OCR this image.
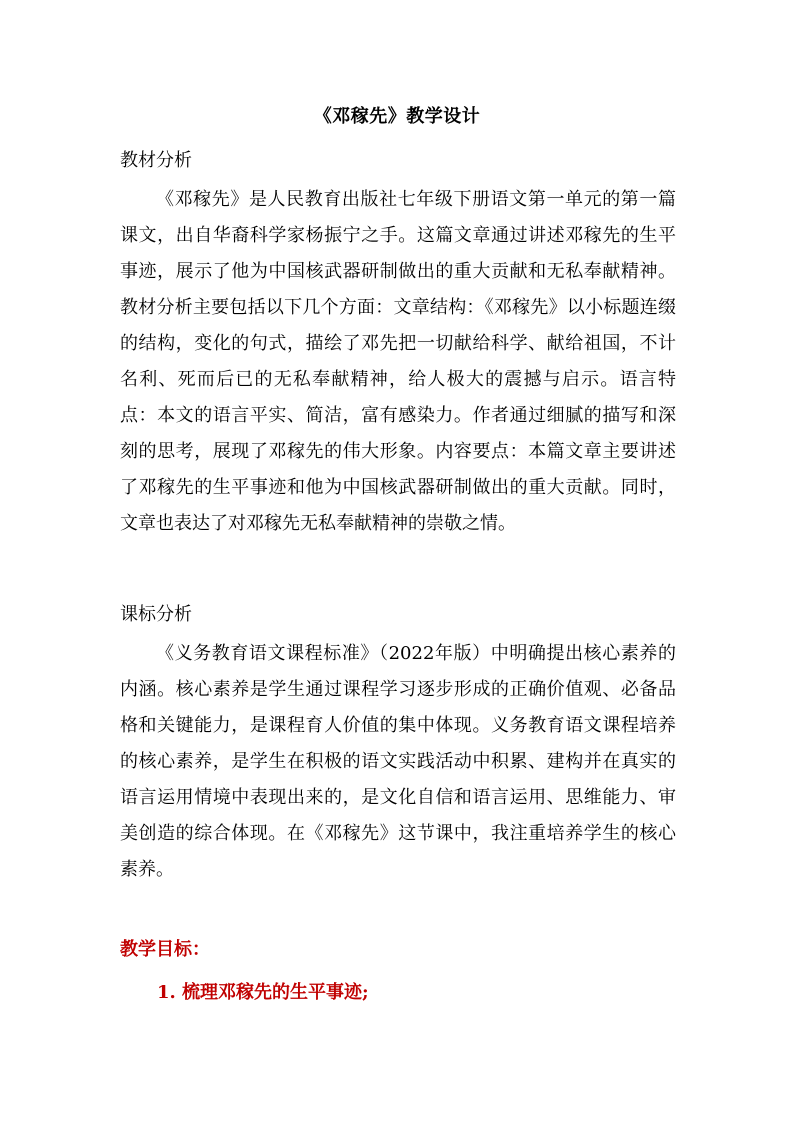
《邓稼先》教学设计
教材分析
《邓稼先》是人民教育出版社七年级下册语文第一单元的第一篇课文，出自华裔科学家杨振宁之手。这篇文章通过讲述邓稼先的生平事迹，展示了他为中国核武器研制做出的重大贡献和无私奉献精神。教材分析主要包括以下几个方面：文章结构：《邓稼先》以小标题连缀的结构，变化的句式，描绘了邓先把一切献给科学、献给祖国，不计名利、死而后已的无私奉献精神，给人极大的震撼与启示。语言特点：本文的语言平实、简洁，富有感染力。作者通过细腻的描写和深刻的思考，展现了邓稼先的伟大形象。内容要点：本篇文章主要讲述了邓稼先的生平事迹和他为中国核武器研制做出的重大贡献。同时，文章也表达了对邓稼先无私奉献精神的崇敬之情。
课标分析
《义务教育语文课程标准》（2022年版）中明确提出核心素养的内涵。核心素养是学生通过课程学习逐步形成的正确价值观、必备品格和关键能力，是课程育人价值的集中体现。义务教育语文课程培养的核心素养，是学生在积极的语文实践活动中积累、建构并在真实的语言运用情境中表现出来的，是文化自信和语言运用、思维能力、审美创造的综合体现。在《邓稼先》这节课中，我注重培养学生的核心素养。
教学目标：
1. 梳理邓稼先的生平事迹;
